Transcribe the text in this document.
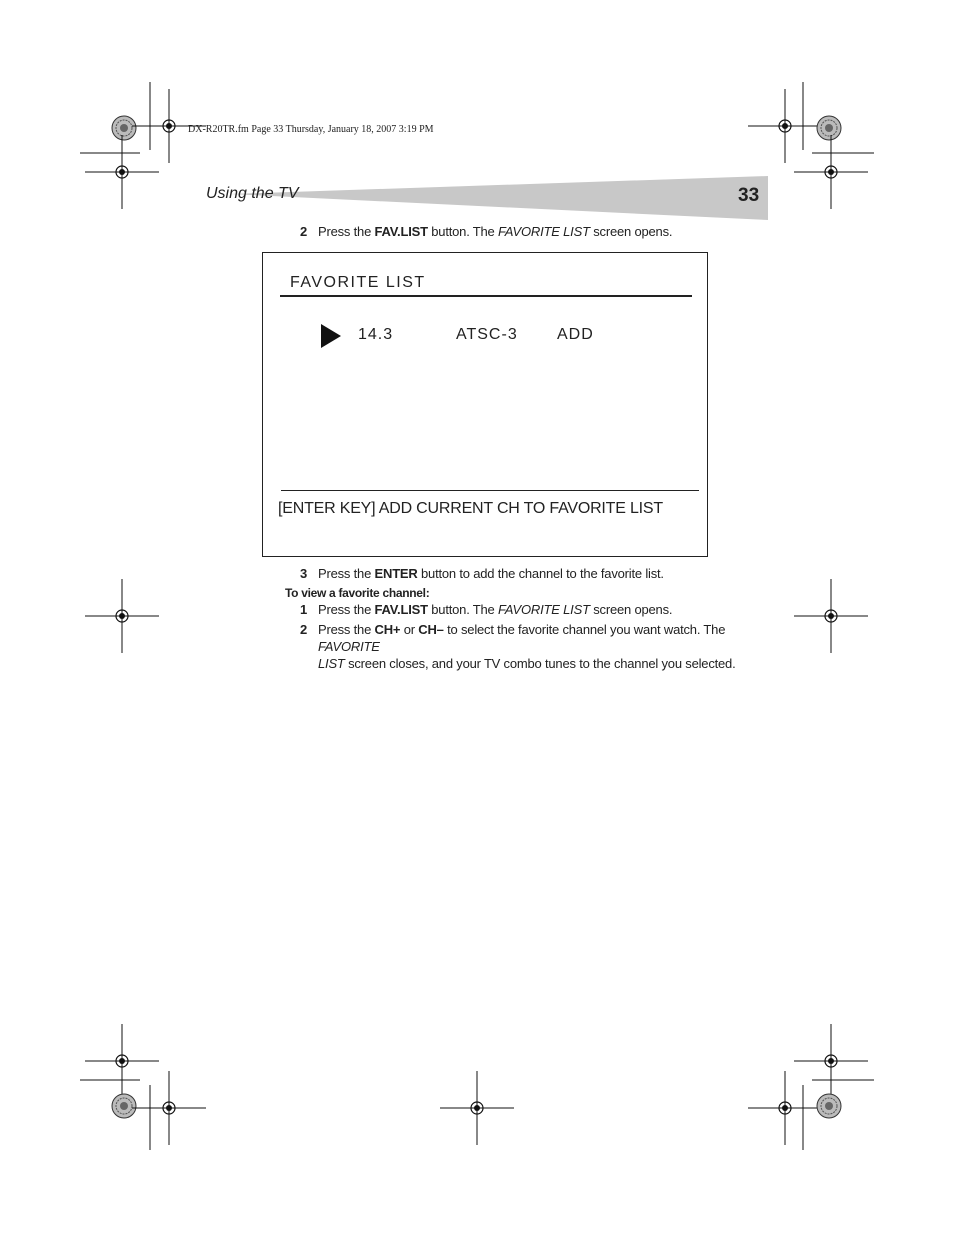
DX-R20TR.fm Page 33 Thursday, January 18, 2007 3:19 PM
Using the TV	33
2 Press the FAV.LIST button. The FAVORITE LIST screen opens.
FAVORITE LIST
14.3	ATSC-3 ADD
[ENTER KEY] ADD CURRENT CH TO FAVORITE LIST
3 Press the ENTER button to add the channel to the favorite list.
To view a favorite channel:
1 Press the FAV.LIST button. The FAVORITE LIST screen opens.
2 Press the CH+ or CH– to select the favorite channel you want watch. The FAVORITE
LIST screen closes, and your TV combo tunes to the channel you selected.
